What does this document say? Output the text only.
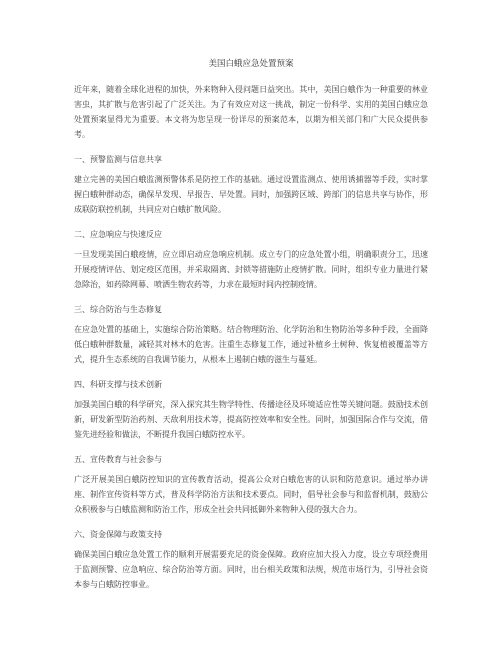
美国白蛾应急处置预案

近年来，随着全球化进程的加快，外来物种入侵问题日益突出。其中，美国白蛾作为一种重要的林业害虫，其扩散与危害引起了广泛关注。为了有效应对这一挑战，制定一份科学、实用的美国白蛾应急处置预案显得尤为重要。本文将为您呈现一份详尽的预案范本，以期为相关部门和广大民众提供参考。

一、预警监测与信息共享

建立完善的美国白蛾监测预警体系是防控工作的基础。通过设置监测点、使用诱捕器等手段，实时掌握白蛾种群动态，确保早发现、早报告、早处置。同时，加强跨区域、跨部门的信息共享与协作，形成联防联控机制，共同应对白蛾扩散风险。

二、应急响应与快速反应

一旦发现美国白蛾疫情，应立即启动应急响应机制。成立专门的应急处置小组，明确职责分工，迅速开展疫情评估、划定疫区范围，并采取隔离、封锁等措施防止疫情扩散。同时，组织专业力量进行紧急除治，如药除网幕、喷洒生物农药等，力求在最短时间内控制疫情。

三、综合防治与生态修复

在应急处置的基础上，实施综合防治策略。结合物理防治、化学防治和生物防治等多种手段，全面降低白蛾种群数量，减轻其对林木的危害。注重生态修复工作，通过补植乡土树种、恢复植被覆盖等方式，提升生态系统的自我调节能力，从根本上遏制白蛾的滋生与蔓延。

四、科研支撑与技术创新

加强美国白蛾的科学研究，深入探究其生物学特性、传播途径及环境适应性等关键问题。鼓励技术创新，研发新型防治药剂、天敌利用技术等，提高防控效率和安全性。同时，加强国际合作与交流，借鉴先进经验和做法，不断提升我国白蛾防控水平。

五、宣传教育与社会参与

广泛开展美国白蛾防控知识的宣传教育活动，提高公众对白蛾危害的认识和防范意识。通过举办讲座、制作宣传资料等方式，普及科学防治方法和技术要点。同时，倡导社会参与和监督机制，鼓励公众积极参与白蛾监测和防治工作，形成全社会共同抵御外来物种入侵的强大合力。

六、资金保障与政策支持

确保美国白蛾应急处置工作的顺利开展需要充足的资金保障。政府应加大投入力度，设立专项经费用于监测预警、应急响应、综合防治等方面。同时，出台相关政策和法规，规范市场行为，引导社会资本参与白蛾防控事业。
